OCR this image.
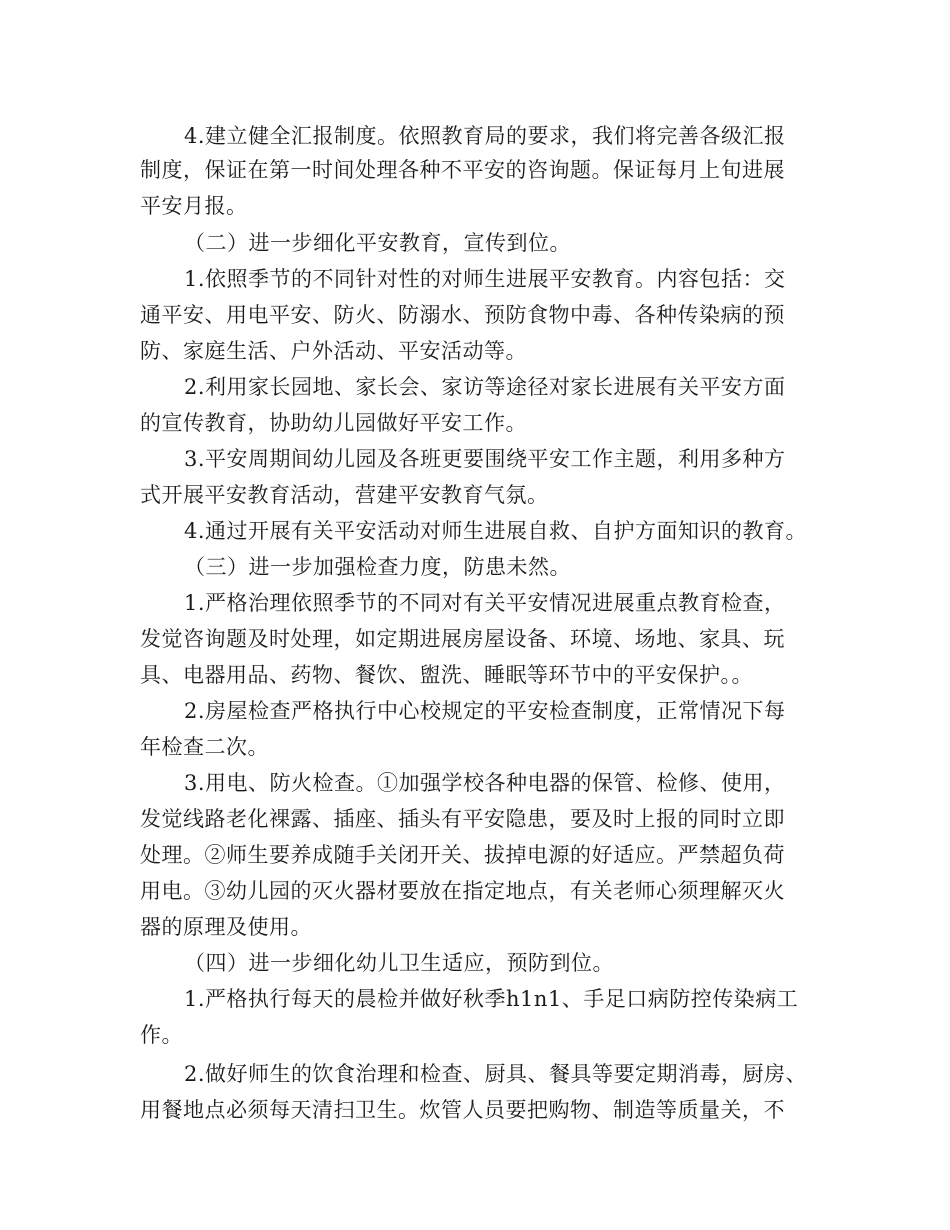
4.建立健全汇报制度。依照教育局的要求，我们将完善各级汇报
制度，保证在第一时间处理各种不平安的咨询题。保证每月上旬进展
平安月报。
（二）进一步细化平安教育，宣传到位。
1.依照季节的不同针对性的对师生进展平安教育。内容包括：交
通平安、用电平安、防火、防溺水、预防食物中毒、各种传染病的预
防、家庭生活、户外活动、平安活动等。
2.利用家长园地、家长会、家访等途径对家长进展有关平安方面
的宣传教育，协助幼儿园做好平安工作。
3.平安周期间幼儿园及各班更要围绕平安工作主题，利用多种方
式开展平安教育活动，营建平安教育气氛。
4.通过开展有关平安活动对师生进展自救、自护方面知识的教育。
（三）进一步加强检查力度，防患未然。
1.严格治理依照季节的不同对有关平安情况进展重点教育检查，
发觉咨询题及时处理，如定期进展房屋设备、环境、场地、家具、玩
具、电器用品、药物、餐饮、盥洗、睡眠等环节中的平安保护。。
2.房屋检查严格执行中心校规定的平安检查制度，正常情况下每
年检查二次。
3.用电、防火检查。①加强学校各种电器的保管、检修、使用，
发觉线路老化裸露、插座、插头有平安隐患，要及时上报的同时立即
处理。②师生要养成随手关闭开关、拔掉电源的好适应。严禁超负荷
用电。③幼儿园的灭火器材要放在指定地点，有关老师心须理解灭火
器的原理及使用。
（四）进一步细化幼儿卫生适应，预防到位。
1.严格执行每天的晨检并做好秋季h1n1、手足口病防控传染病工
作。
2.做好师生的饮食治理和检查、厨具、餐具等要定期消毒，厨房、
用餐地点必须每天清扫卫生。炊管人员要把购物、制造等质量关，不
